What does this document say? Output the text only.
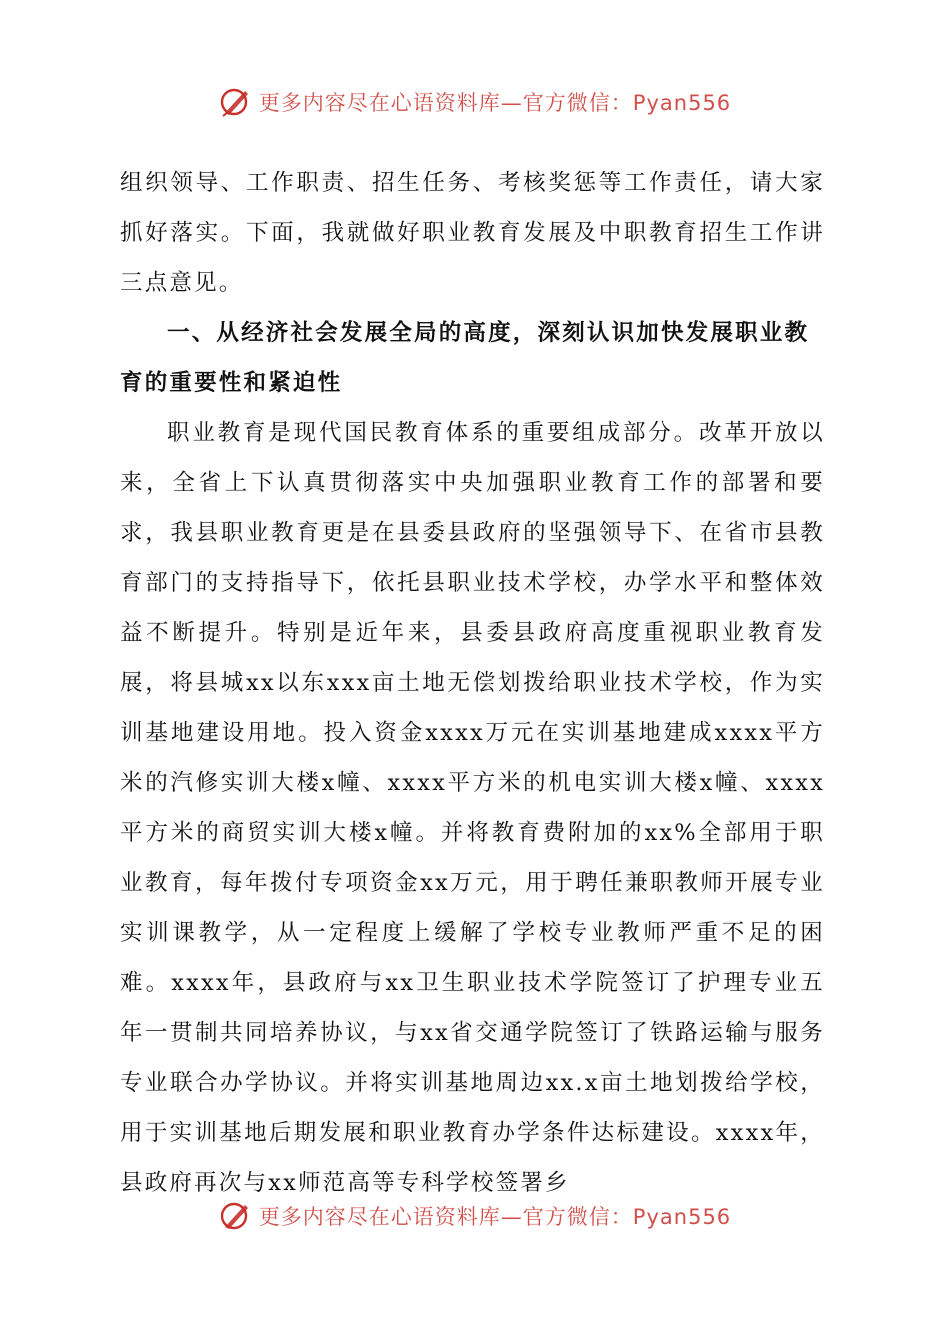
更多内容尽在心语资料库—官方微信：Pyan556

组织领导、工作职责、招生任务、考核奖惩等工作责任，请大家抓好落实。下面，我就做好职业教育发展及中职教育招生工作讲三点意见。

一、从经济社会发展全局的高度，深刻认识加快发展职业教育的重要性和紧迫性

职业教育是现代国民教育体系的重要组成部分。改革开放以来，全省上下认真贯彻落实中央加强职业教育工作的部署和要求，我县职业教育更是在县委县政府的坚强领导下、在省市县教育部门的支持指导下，依托县职业技术学校，办学水平和整体效益不断提升。特别是近年来，县委县政府高度重视职业教育发展，将县城xx以东xxx亩土地无偿划拨给职业技术学校，作为实训基地建设用地。投入资金xxxx万元在实训基地建成xxxx平方米的汽修实训大楼x幢、xxxx平方米的机电实训大楼x幢、xxxx平方米的商贸实训大楼x幢。并将教育费附加的xx%全部用于职业教育，每年拨付专项资金xx万元，用于聘任兼职教师开展专业实训课教学，从一定程度上缓解了学校专业教师严重不足的困难。xxxx年，县政府与xx卫生职业技术学院签订了护理专业五年一贯制共同培养协议，与xx省交通学院签订了铁路运输与服务专业联合办学协议。并将实训基地周边xx.x亩土地划拨给学校，用于实训基地后期发展和职业教育办学条件达标建设。xxxx年，县政府再次与xx师范高等专科学校签署乡

更多内容尽在心语资料库—官方微信：Pyan556
